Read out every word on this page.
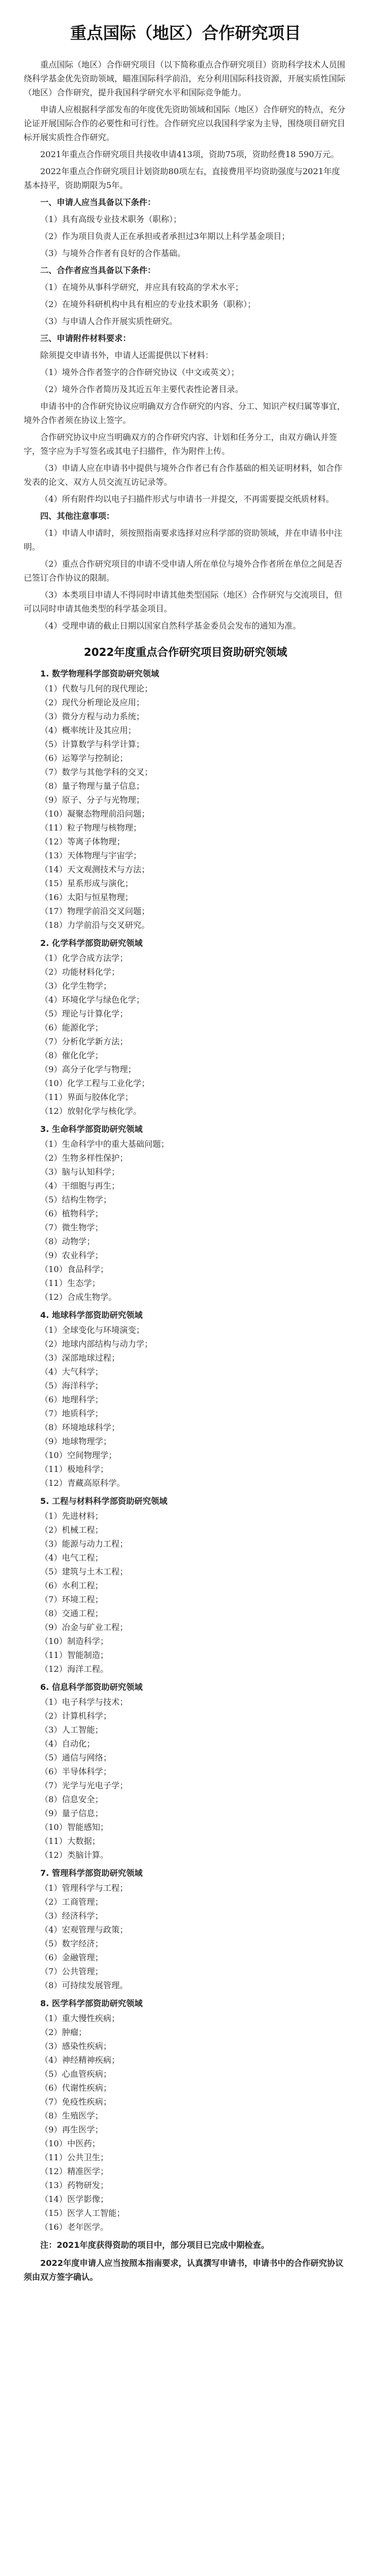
重点国际（地区）合作研究项目

重点国际（地区）合作研究项目（以下简称重点合作研究项目）资助科学技术人员围绕科学基金优先资助领域，瞄准国际科学前沿，充分利用国际科技资源，开展实质性国际（地区）合作研究，提升我国科学研究水平和国际竞争能力。

申请人应根据科学部发布的年度优先资助领域和国际（地区）合作研究的特点，充分论证开展国际合作的必要性和可行性。合作研究应以我国科学家为主导，围绕项目研究目标开展实质性合作研究。

2021年重点合作研究项目共接收申请413项，资助75项，资助经费18 590万元。

2022年重点合作研究项目计划资助80项左右，直接费用平均资助强度与2021年度基本持平，资助期限为5年。

一、申请人应当具备以下条件：

（1）具有高级专业技术职务（职称）；

（2）作为项目负责人正在承担或者承担过3年期以上科学基金项目；

（3）与境外合作者有良好的合作基础。

二、合作者应当具备以下条件：

（1）在境外从事科学研究，并应具有较高的学术水平；

（2）在境外科研机构中具有相应的专业技术职务（职称）；

（3）与申请人合作开展实质性研究。

三、申请附件材料要求：

除须提交申请书外，申请人还需提供以下材料：

（1）境外合作者签字的合作研究协议（中文或英文）；

（2）境外合作者简历及其近五年主要代表性论著目录。

申请书中的合作研究协议应明确双方合作研究的内容、分工、知识产权归属等事宜，境外合作者须在协议上签字。

合作研究协议中应当明确双方的合作研究内容、计划和任务分工，由双方确认并签字，签字应为手写签名或其电子扫描件，作为附件上传。

（3）申请人应在申请书中提供与境外合作者已有合作基础的相关证明材料，如合作发表的论文、双方人员交流互访记录等。

（4）所有附件均以电子扫描件形式与申请书一并提交，不再需要提交纸质材料。

四、其他注意事项：

（1）申请人申请时，须按照指南要求选择对应科学部的资助领域，并在申请书中注明。

（2）重点合作研究项目的申请不受申请人所在单位与境外合作者所在单位之间是否已签订合作协议的限制。

（3）本类项目申请人不得同时申请其他类型国际（地区）合作研究与交流项目，但可以同时申请其他类型的科学基金项目。

（4）受理申请的截止日期以国家自然科学基金委员会发布的通知为准。

2022年度重点合作研究项目资助研究领域
1. 数学物理科学部资助研究领域
（1）代数与几何的现代理论；
（2）现代分析理论及应用；
（3）微分方程与动力系统；
（4）概率统计及其应用；
（5）计算数学与科学计算；
（6）运筹学与控制论；
（7）数学与其他学科的交叉；
（8）量子物理与量子信息；
（9）原子、分子与光物理；
（10）凝聚态物理前沿问题；
（11）粒子物理与核物理；
（12）等离子体物理；
（13）天体物理与宇宙学；
（14）天文观测技术与方法；
（15）星系形成与演化；
（16）太阳与恒星物理；
（17）物理学前沿交叉问题；
（18）力学前沿与交叉研究。
2. 化学科学部资助研究领域
（1）化学合成方法学；
（2）功能材料化学；
（3）化学生物学；
（4）环境化学与绿色化学；
（5）理论与计算化学；
（6）能源化学；
（7）分析化学新方法；
（8）催化化学；
（9）高分子化学与物理；
（10）化学工程与工业化学；
（11）界面与胶体化学；
（12）放射化学与核化学。
3. 生命科学部资助研究领域
（1）生命科学中的重大基础问题；
（2）生物多样性保护；
（3）脑与认知科学；
（4）干细胞与再生；
（5）结构生物学；
（6）植物科学；
（7）微生物学；
（8）动物学；
（9）农业科学；
（10）食品科学；
（11）生态学；
（12）合成生物学。
4. 地球科学部资助研究领域
（1）全球变化与环境演变；
（2）地球内部结构与动力学；
（3）深部地球过程；
（4）大气科学；
（5）海洋科学；
（6）地理科学；
（7）地质科学；
（8）环境地球科学；
（9）地球物理学；
（10）空间物理学；
（11）极地科学；
（12）青藏高原科学。
5. 工程与材料科学部资助研究领域
（1）先进材料；
（2）机械工程；
（3）能源与动力工程；
（4）电气工程；
（5）建筑与土木工程；
（6）水利工程；
（7）环境工程；
（8）交通工程；
（9）冶金与矿业工程；
（10）制造科学；
（11）智能制造；
（12）海洋工程。
6. 信息科学部资助研究领域
（1）电子科学与技术；
（2）计算机科学；
（3）人工智能；
（4）自动化；
（5）通信与网络；
（6）半导体科学；
（7）光学与光电子学；
（8）信息安全；
（9）量子信息；
（10）智能感知；
（11）大数据；
（12）类脑计算。
7. 管理科学部资助研究领域
（1）管理科学与工程；
（2）工商管理；
（3）经济科学；
（4）宏观管理与政策；
（5）数字经济；
（6）金融管理；
（7）公共管理；
（8）可持续发展管理。
8. 医学科学部资助研究领域
（1）重大慢性疾病；
（2）肿瘤；
（3）感染性疾病；
（4）神经精神疾病；
（5）心血管疾病；
（6）代谢性疾病；
（7）免疫性疾病；
（8）生殖医学；
（9）再生医学；
（10）中医药；
（11）公共卫生；
（12）精准医学；
（13）药物研发；
（14）医学影像；
（15）医学人工智能；
（16）老年医学。

注：2021年度获得资助的项目中，部分项目已完成中期检查。

2022年度申请人应当按照本指南要求，认真撰写申请书，申请书中的合作研究协议须由双方签字确认。
